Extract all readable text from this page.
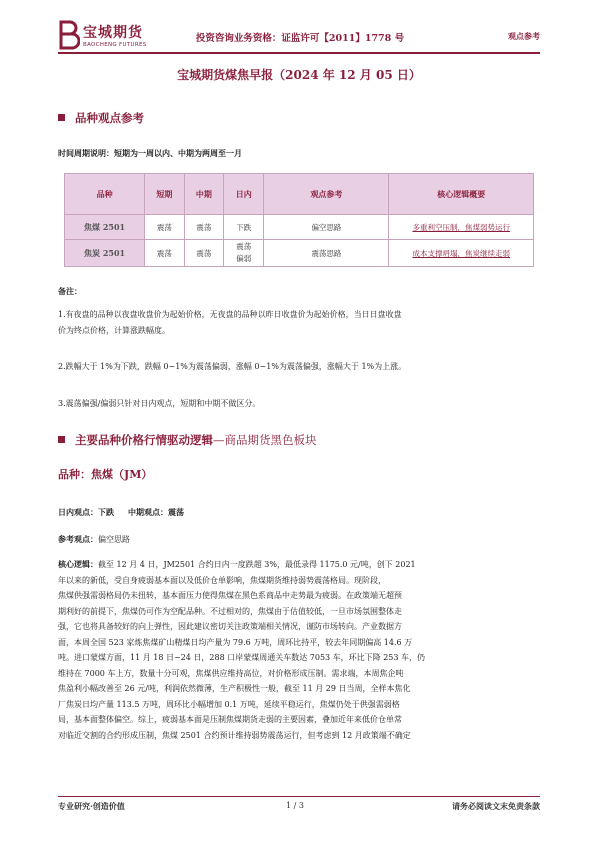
宝城期货
BAOCHENG FUTURES
投资咨询业务资格：证监许可【2011】1778 号	观点参考
宝城期货煤焦早报（2024 年 12 月 05 日）
品种观点参考
时间周期说明：短期为一周以内、中期为两周至一月
品种	短期	中期	日内	观点参考	核心逻辑概要
焦煤 2501	震荡	震荡	下跌	偏空思路	多重利空压制，焦煤弱势运行
焦炭 2501	震荡	震荡	震荡偏弱	震荡思路	成本支撑坍塌，焦炭继续走弱
备注：
1.有夜盘的品种以夜盘收盘价为起始价格，无夜盘的品种以昨日收盘价为起始价格，当日日盘收盘
价为终点价格，计算涨跌幅度。
2.跌幅大于 1%为下跌，跌幅 0~1%为震荡偏弱，涨幅 0~1%为震荡偏强，涨幅大于 1%为上涨。
3.震荡偏强/偏弱只针对日内观点，短期和中期不做区分。
主要品种价格行情驱动逻辑—商品期货黑色板块
品种：焦煤（JM）
日内观点：下跌 中期观点：震荡
参考观点：偏空思路
核心逻辑：截至 12 月 4 日，JM2501 合约日内一度跌超 3%，最低录得 1175.0 元/吨，创下 2021
年以来的新低，受自身疲弱基本面以及低价仓单影响，焦煤期货维持弱势震荡格局。现阶段，
焦煤供强需弱格局仍未扭转，基本面压力使得焦煤在黑色系商品中走势最为疲弱。在政策端无超预
期利好的前提下，焦煤仍可作为空配品种。不过相对的，焦煤由于估值较低，一旦市场氛围整体走
强，它也将具备较好的向上弹性，因此建议密切关注政策端相关情况，谨防市场转向。产业数据方
面，本周全国 523 家炼焦煤矿山精煤日均产量为 79.6 万吨，周环比持平，较去年同期偏高 14.6 万
吨。进口蒙煤方面，11 月 18 日~24 日，288 口岸蒙煤周通关车数达 7053 车，环比下降 253 车，仍
维持在 7000 车上方，数量十分可观，焦煤供应维持高位，对价格形成压制。需求端，本周焦企吨
焦盈利小幅改善至 26 元/吨，利润依然微薄，生产积极性一般，截至 11 月 29 日当周，全样本焦化
厂焦炭日均产量 113.5 万吨，周环比小幅增加 0.1 万吨，延续平稳运行，焦煤仍处于供强需弱格
局，基本面整体偏空。综上，疲弱基本面是压制焦煤期货走弱的主要因素，叠加近年来低价仓单常
对临近交割的合约形成压制，焦煤 2501 合约预计维持弱势震荡运行，但考虑到 12 月政策端不确定
专业研究·创造价值	1 / 3	请务必阅读文末免责条款
